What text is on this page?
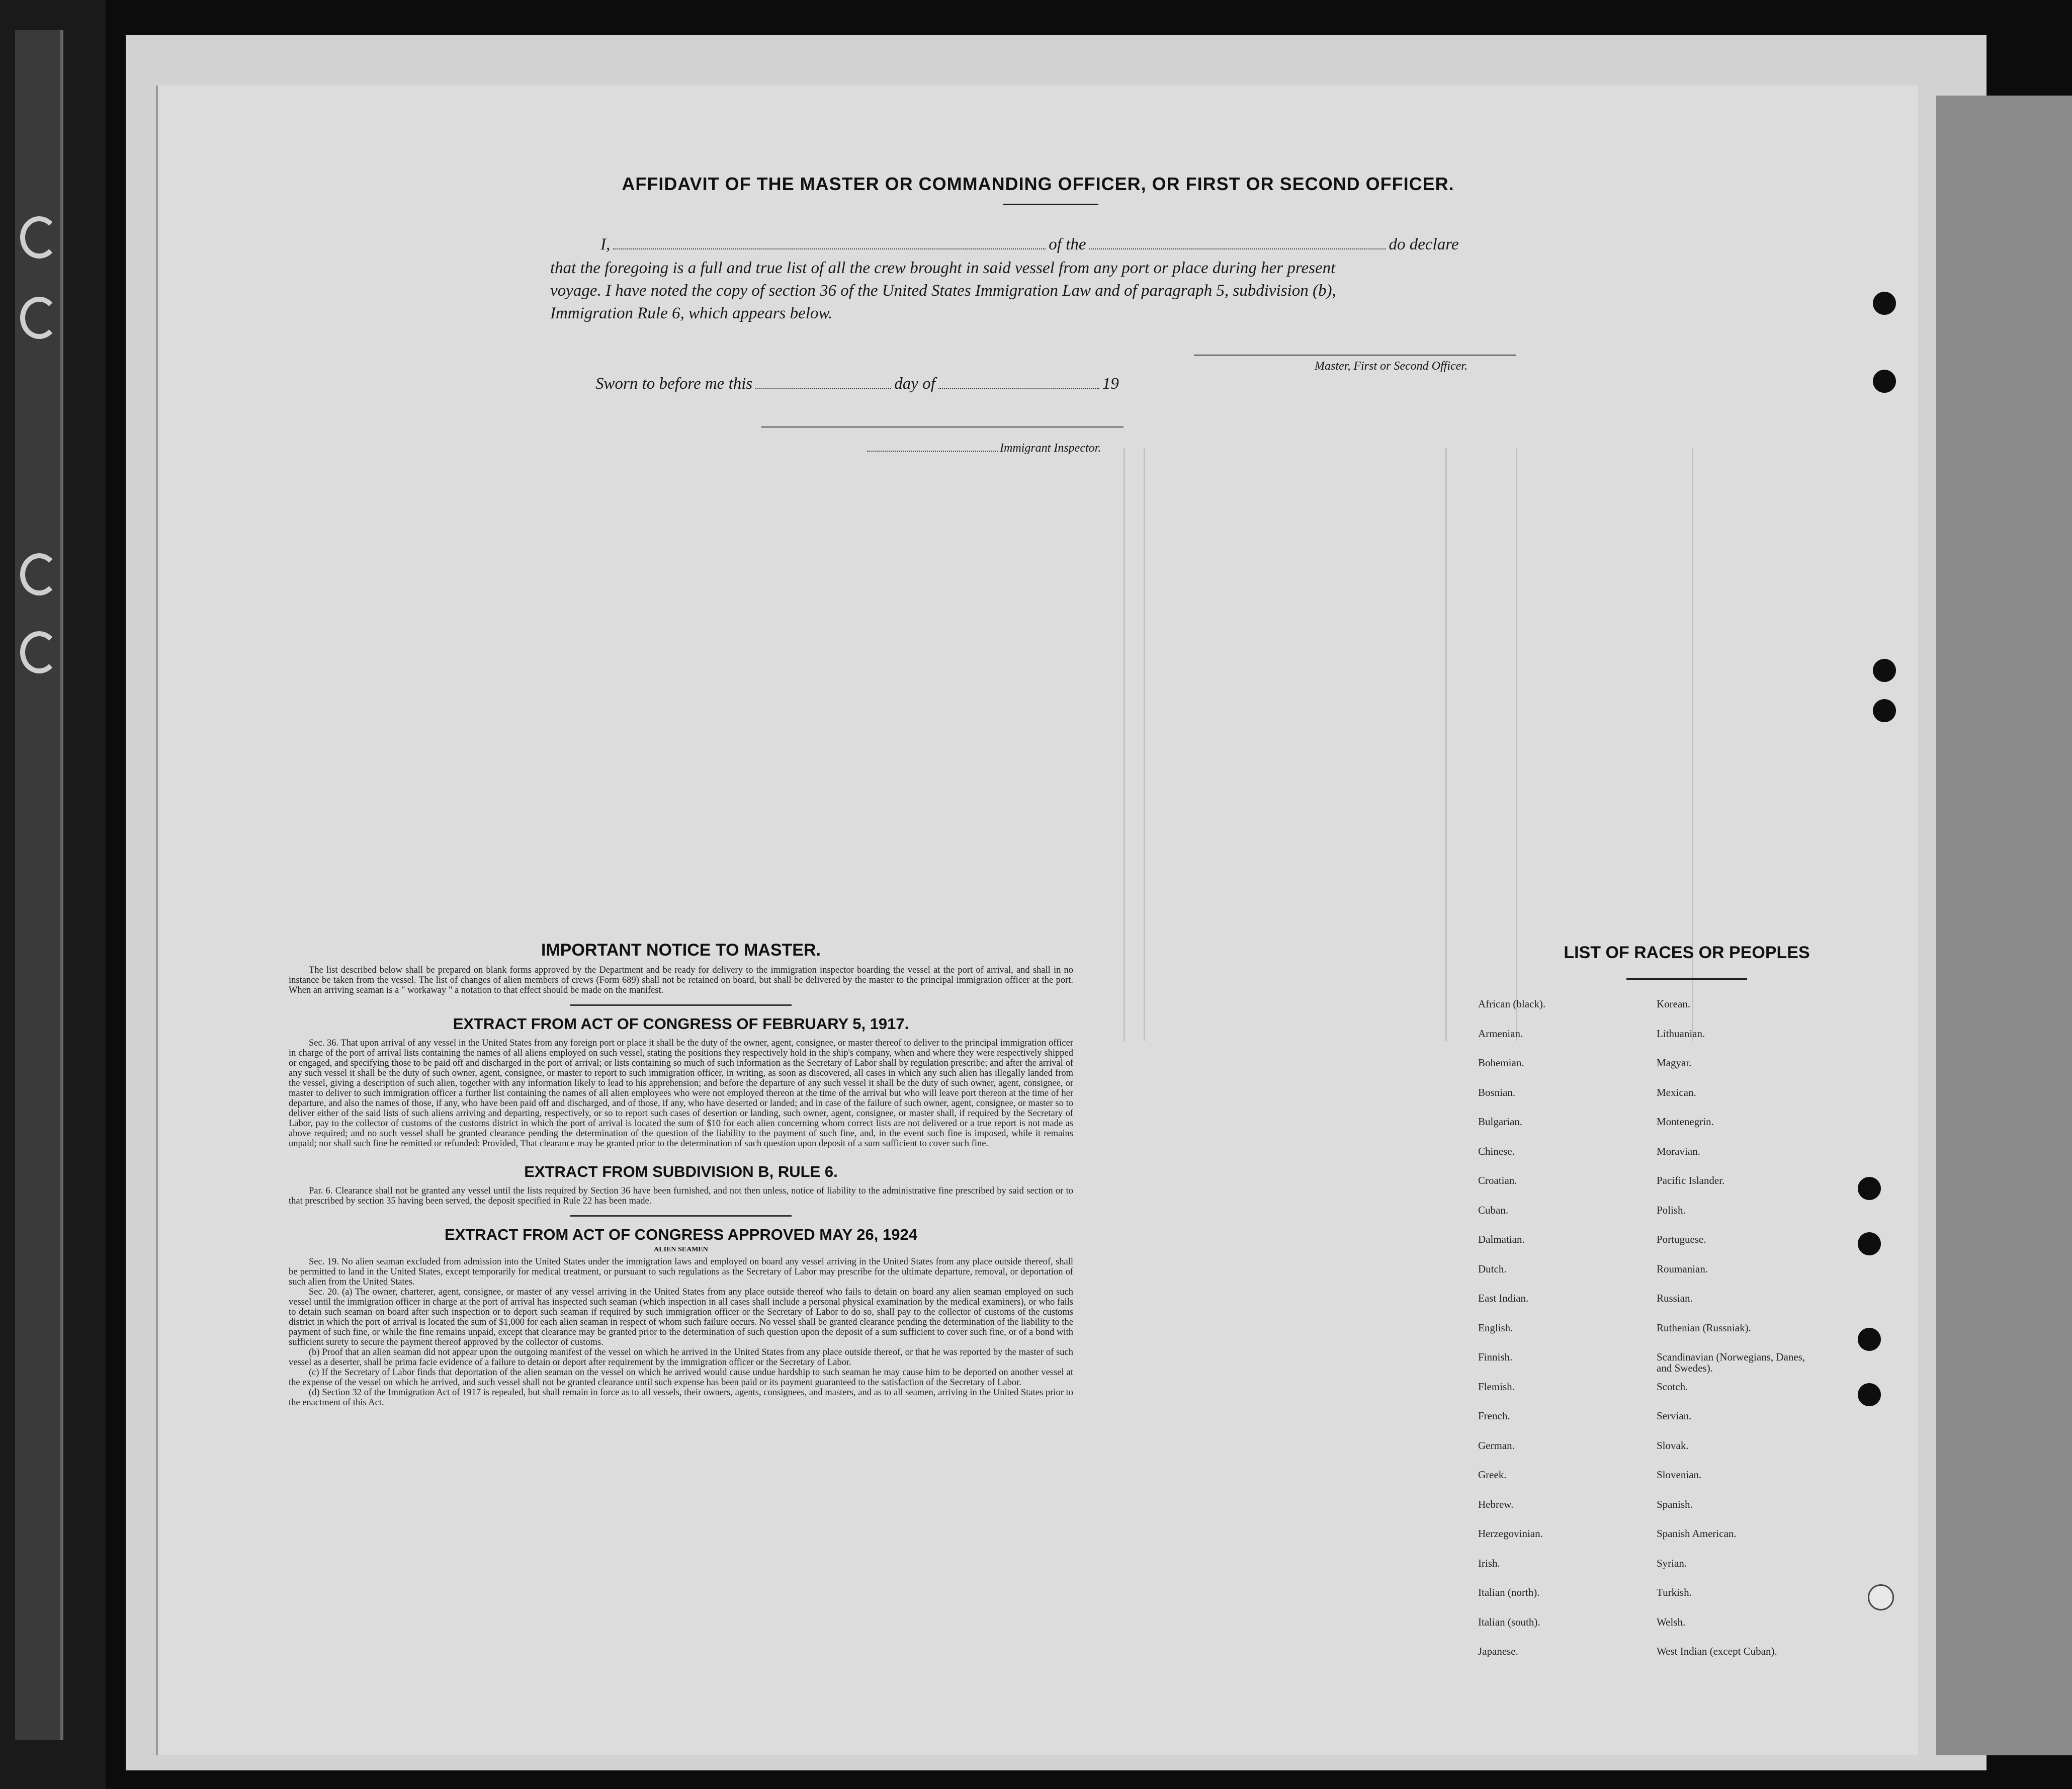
AFFIDAVIT OF THE MASTER OR COMMANDING OFFICER, OR FIRST OR SECOND OFFICER.
I,	of the	do declare
that the foregoing is a full and true list of all the crew brought in said vessel from any port or place during her present
voyage. I have noted the copy of section 36 of the United States Immigration Law and of paragraph 5, subdivision (b),
Immigration Rule 6, which appears below.
Master, First or Second Officer.
Sworn to before me this	day of	19
Immigrant Inspector.
IMPORTANT NOTICE TO MASTER.

The list described below shall be prepared on blank forms approved by the Department and be ready for delivery to the immigration inspector boarding the vessel at the port of arrival, and shall in no instance be taken from the vessel. The list of changes of alien members of crews (Form 689) shall not be retained on board, but shall be delivered by the master to the principal immigration officer at the port. When an arriving seaman is a " workaway " a notation to that effect should be made on the manifest.

EXTRACT FROM ACT OF CONGRESS OF FEBRUARY 5, 1917.

Sec. 36. That upon arrival of any vessel in the United States from any foreign port or place it shall be the duty of the owner, agent, consignee, or master thereof to deliver to the principal immigration officer in charge of the port of arrival lists containing the names of all aliens employed on such vessel, stating the positions they respectively hold in the ship's company, when and where they were respectively shipped or engaged, and specifying those to be paid off and discharged in the port of arrival; or lists containing so much of such information as the Secretary of Labor shall by regulation prescribe; and after the arrival of any such vessel it shall be the duty of such owner, agent, consignee, or master to report to such immigration officer, in writing, as soon as discovered, all cases in which any such alien has illegally landed from the vessel, giving a description of such alien, together with any information likely to lead to his apprehension; and before the departure of any such vessel it shall be the duty of such owner, agent, consignee, or master to deliver to such immigration officer a further list containing the names of all alien employees who were not employed thereon at the time of the arrival but who will leave port thereon at the time of her departure, and also the names of those, if any, who have been paid off and discharged, and of those, if any, who have deserted or landed; and in case of the failure of such owner, agent, consignee, or master so to deliver either of the said lists of such aliens arriving and departing, respectively, or so to report such cases of desertion or landing, such owner, agent, consignee, or master shall, if required by the Secretary of Labor, pay to the collector of customs of the customs district in which the port of arrival is located the sum of $10 for each alien concerning whom correct lists are not delivered or a true report is not made as above required; and no such vessel shall be granted clearance pending the determination of the question of the liability to the payment of such fine, and, in the event such fine is imposed, while it remains unpaid; nor shall such fine be remitted or refunded: Provided, That clearance may be granted prior to the determination of such question upon deposit of a sum sufficient to cover such fine.

EXTRACT FROM SUBDIVISION B, RULE 6.

Par. 6. Clearance shall not be granted any vessel until the lists required by Section 36 have been furnished, and not then unless, notice of liability to the administrative fine prescribed by said section or to that prescribed by section 35 having been served, the deposit specified in Rule 22 has been made.

EXTRACT FROM ACT OF CONGRESS APPROVED MAY 26, 1924
ALIEN SEAMEN

Sec. 19. No alien seaman excluded from admission into the United States under the immigration laws and employed on board any vessel arriving in the United States from any place outside thereof, shall be permitted to land in the United States, except temporarily for medical treatment, or pursuant to such regulations as the Secretary of Labor may prescribe for the ultimate departure, removal, or deportation of such alien from the United States.

Sec. 20. (a) The owner, charterer, agent, consignee, or master of any vessel arriving in the United States from any place outside thereof who fails to detain on board any alien seaman employed on such vessel until the immigration officer in charge at the port of arrival has inspected such seaman (which inspection in all cases shall include a personal physical examination by the medical examiners), or who fails to detain such seaman on board after such inspection or to deport such seaman if required by such immigration officer or the Secretary of Labor to do so, shall pay to the collector of customs of the customs district in which the port of arrival is located the sum of $1,000 for each alien seaman in respect of whom such failure occurs. No vessel shall be granted clearance pending the determination of the liability to the payment of such fine, or while the fine remains unpaid, except that clearance may be granted prior to the determination of such question upon the deposit of a sum sufficient to cover such fine, or of a bond with sufficient surety to secure the payment thereof approved by the collector of customs.

(b) Proof that an alien seaman did not appear upon the outgoing manifest of the vessel on which he arrived in the United States from any place outside thereof, or that he was reported by the master of such vessel as a deserter, shall be prima facie evidence of a failure to detain or deport after requirement by the immigration officer or the Secretary of Labor.

(c) If the Secretary of Labor finds that deportation of the alien seaman on the vessel on which he arrived would cause undue hardship to such seaman he may cause him to be deported on another vessel at the expense of the vessel on which he arrived, and such vessel shall not be granted clearance until such expense has been paid or its payment guaranteed to the satisfaction of the Secretary of Labor.

(d) Section 32 of the Immigration Act of 1917 is repealed, but shall remain in force as to all vessels, their owners, agents, consignees, and masters, and as to all seamen, arriving in the United States prior to the enactment of this Act.

LIST OF RACES OR PEOPLES
African (black).
Armenian.
Bohemian.
Bosnian.
Bulgarian.
Chinese.
Croatian.
Cuban.
Dalmatian.
Dutch.
East Indian.
English.
Finnish.
Flemish.
French.
German.
Greek.
Hebrew.
Herzegovinian.
Irish.
Italian (north).
Italian (south).
Japanese.
Korean.
Lithuanian.
Magyar.
Mexican.
Montenegrin.
Moravian.
Pacific Islander.
Polish.
Portuguese.
Roumanian.
Russian.
Ruthenian (Russniak).
Scandinavian (Norwegians, Danes, and Swedes).
Scotch.
Servian.
Slovak.
Slovenian.
Spanish.
Spanish American.
Syrian.
Turkish.
Welsh.
West Indian (except Cuban).
